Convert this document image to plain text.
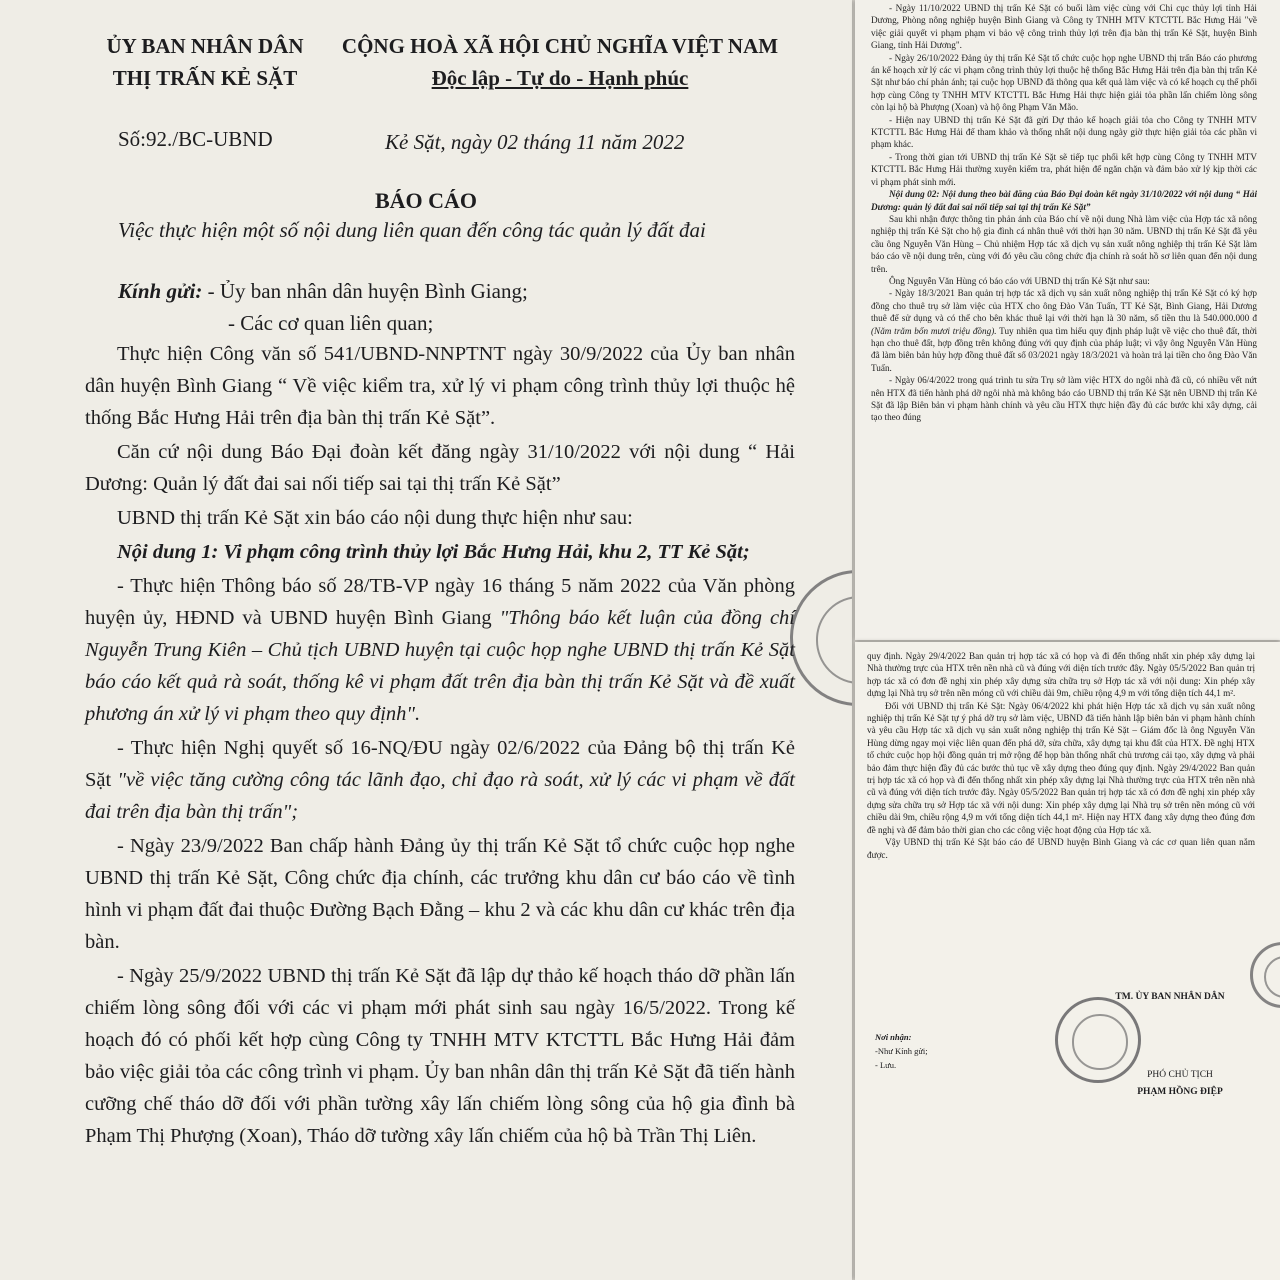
ỦY BAN NHÂN DÂN
THỊ TRẤN KẺ SẶT
CỘNG HOÀ XÃ HỘI CHỦ NGHĨA VIỆT NAM
Độc lập - Tự do - Hạnh phúc
Số:92./BC-UBND	Kẻ Sặt, ngày 02 tháng 11 năm 2022
BÁO CÁO
Việc thực hiện một số nội dung liên quan đến công tác quản lý đất đai
Kính gửi: - Ủy ban nhân dân huyện Bình Giang;
- Các cơ quan liên quan;

Thực hiện Công văn số 541/UBND-NNPTNT ngày 30/9/2022 của Ủy ban nhân dân huyện Bình Giang “ Về việc kiểm tra, xử lý vi phạm công trình thủy lợi thuộc hệ thống Bắc Hưng Hải trên địa bàn thị trấn Kẻ Sặt”.

Căn cứ nội dung Báo Đại đoàn kết đăng ngày 31/10/2022 với nội dung “ Hải Dương: Quản lý đất đai sai nối tiếp sai tại thị trấn Kẻ Sặt”

UBND thị trấn Kẻ Sặt xin báo cáo nội dung thực hiện như sau:

Nội dung 1: Vi phạm công trình thủy lợi Bắc Hưng Hải, khu 2, TT Kẻ Sặt;

- Thực hiện Thông báo số 28/TB-VP ngày 16 tháng 5 năm 2022 của Văn phòng huyện ủy, HĐND và UBND huyện Bình Giang "Thông báo kết luận của đồng chí Nguyễn Trung Kiên – Chủ tịch UBND huyện tại cuộc họp nghe UBND thị trấn Kẻ Sặt báo cáo kết quả rà soát, thống kê vi phạm đất trên địa bàn thị trấn Kẻ Sặt và đề xuất phương án xử lý vi phạm theo quy định".

- Thực hiện Nghị quyết số 16-NQ/ĐU ngày 02/6/2022 của Đảng bộ thị trấn Kẻ Sặt "về việc tăng cường công tác lãnh đạo, chỉ đạo rà soát, xử lý các vi phạm về đất đai trên địa bàn thị trấn";

- Ngày 23/9/2022 Ban chấp hành Đảng ủy thị trấn Kẻ Sặt tổ chức cuộc họp nghe UBND thị trấn Kẻ Sặt, Công chức địa chính, các trưởng khu dân cư báo cáo về tình hình vi phạm đất đai thuộc Đường Bạch Đằng – khu 2 và các khu dân cư khác trên địa bàn.

- Ngày 25/9/2022 UBND thị trấn Kẻ Sặt đã lập dự thảo kế hoạch tháo dỡ phần lấn chiếm lòng sông đối với các vi phạm mới phát sinh sau ngày 16/5/2022. Trong kế hoạch đó có phối kết hợp cùng Công ty TNHH MTV KTCTTL Bắc Hưng Hải đảm bảo việc giải tỏa các công trình vi phạm. Ủy ban nhân dân thị trấn Kẻ Sặt đã tiến hành cưỡng chế tháo dỡ đối với phần tường xây lấn chiếm lòng sông của hộ gia đình bà Phạm Thị Phượng (Xoan), Tháo dỡ tường xây lấn chiếm của hộ bà Trần Thị Liên.

- Ngày 11/10/2022 UBND thị trấn Kẻ Sặt có buổi làm việc cùng với Chi cục thủy lợi tỉnh Hải Dương, Phòng nông nghiệp huyện Bình Giang và Công ty TNHH MTV KTCTTL Bắc Hưng Hải "về việc giải quyết vi phạm phạm vi bảo vệ công trình thủy lợi trên địa bàn thị trấn Kẻ Sặt, huyện Bình Giang, tỉnh Hải Dương".

- Ngày 26/10/2022 Đảng ủy thị trấn Kẻ Sặt tổ chức cuộc họp nghe UBND thị trấn Báo cáo phương án kế hoạch xử lý các vi phạm công trình thủy lợi thuộc hệ thống Bắc Hưng Hải trên địa bàn thị trấn Kẻ Sặt như báo chí phản ánh; tại cuộc họp UBND đã thông qua kết quả làm việc và có kế hoạch cụ thể phối hợp cùng Công ty TNHH MTV KTCTTL Bắc Hưng Hải thực hiện giải tỏa phần lấn chiếm lòng sông còn lại hộ bà Phượng (Xoan) và hộ ông Phạm Văn Mão.

- Hiện nay UBND thị trấn Kẻ Sặt đã gửi Dự thảo kế hoạch giải tỏa cho Công ty TNHH MTV KTCTTL Bắc Hưng Hải để tham khảo và thống nhất nội dung ngày giờ thực hiện giải tỏa các phần vi phạm khác.

- Trong thời gian tới UBND thị trấn Kẻ Sặt sẽ tiếp tục phối kết hợp cùng Công ty TNHH MTV KTCTTL Bắc Hưng Hải thường xuyên kiểm tra, phát hiện để ngăn chặn và đảm bảo xử lý kịp thời các vi phạm phát sinh mới.

Nội dung 02: Nội dung theo bài đăng của Báo Đại đoàn kết ngày 31/10/2022 với nội dung “ Hải Dương: quản lý đất đai sai nối tiếp sai tại thị trấn Kẻ Sặt”

Sau khi nhận được thông tin phản ánh của Báo chí về nội dung Nhà làm việc của Hợp tác xã nông nghiệp thị trấn Kẻ Sặt cho hộ gia đình cá nhân thuê với thời hạn 30 năm. UBND thị trấn Kẻ Sặt đã yêu cầu ông Nguyễn Văn Hùng – Chủ nhiệm Hợp tác xã dịch vụ sản xuất nông nghiệp thị trấn Kẻ Sặt làm báo cáo về nội dung trên, cùng với đó yêu cầu công chức địa chính rà soát hồ sơ liên quan đến nội dung trên.

Ông Nguyễn Văn Hùng có báo cáo với UBND thị trấn Kẻ Sặt như sau:

- Ngày 18/3/2021 Ban quản trị hợp tác xã dịch vụ sản xuất nông nghiệp thị trấn Kẻ Sặt có ký hợp đồng cho thuê trụ sở làm việc của HTX cho ông Đào Văn Tuấn, TT Kẻ Sặt, Bình Giang, Hải Dương thuê để sử dụng và có thể cho bên khác thuê lại với thời hạn là 30 năm, số tiền thu là 540.000.000 đ (Năm trăm bốn mươi triệu đồng). Tuy nhiên qua tìm hiểu quy định pháp luật về việc cho thuê đất, thời hạn cho thuê đất, hợp đồng trên không đúng với quy định của pháp luật; vì vậy ông Nguyễn Văn Hùng đã làm biên bản hủy hợp đồng thuê đất số 03/2021 ngày 18/3/2021 và hoàn trả lại tiền cho ông Đào Văn Tuấn.

- Ngày 06/4/2022 trong quá trình tu sửa Trụ sở làm việc HTX do ngôi nhà đã cũ, có nhiều vết nứt nên HTX đã tiến hành phá dỡ ngôi nhà mà không báo cáo UBND thị trấn Kẻ Sặt nên UBND thị trấn Kẻ Sặt đã lập Biên bản vi phạm hành chính và yêu cầu HTX thực hiện đầy đủ các bước khi xây dựng, cải tạo theo đúng

quy định. Ngày 29/4/2022 Ban quản trị hợp tác xã có họp và đi đến thống nhất xin phép xây dựng lại Nhà thường trực của HTX trên nền nhà cũ và đúng với diện tích trước đây. Ngày 05/5/2022 Ban quản trị hợp tác xã có đơn đề nghị xin phép xây dựng sửa chữa trụ sở Hợp tác xã với nội dung: Xin phép xây dựng lại Nhà trụ sở trên nền móng cũ với chiều dài 9m, chiều rộng 4,9 m với tổng diện tích 44,1 m².

Đối với UBND thị trấn Kẻ Sặt: Ngày 06/4/2022 khi phát hiện Hợp tác xã dịch vụ sản xuất nông nghiệp thị trấn Kẻ Sặt tự ý phá dỡ trụ sở làm việc, UBND đã tiến hành lập biên bản vi phạm hành chính và yêu cầu Hợp tác xã dịch vụ sản xuất nông nghiệp thị trấn Kẻ Sặt – Giám đốc là ông Nguyễn Văn Hùng dừng ngay mọi việc liên quan đến phá dỡ, sửa chữa, xây dựng tại khu đất của HTX. Đề nghị HTX tổ chức cuộc họp hội đồng quản trị mở rộng để họp bàn thống nhất chủ trương cải tạo, xây dựng và phải bảo đảm thực hiện đầy đủ các bước thủ tục về xây dựng theo đúng quy định. Ngày 29/4/2022 Ban quản trị hợp tác xã có họp và đi đến thống nhất xin phép xây dựng lại Nhà thường trực của HTX trên nền nhà cũ và đúng với diện tích trước đây. Ngày 05/5/2022 Ban quản trị hợp tác xã có đơn đề nghị xin phép xây dựng sửa chữa trụ sở Hợp tác xã với nội dung: Xin phép xây dựng lại Nhà trụ sở trên nền móng cũ với chiều dài 9m, chiều rộng 4,9 m với tổng diện tích 44,1 m². Hiện nay HTX đang xây dựng theo đúng đơn đề nghị và để đảm bảo thời gian cho các công việc hoạt động của Hợp tác xã.

Vậy UBND thị trấn Kẻ Sặt báo cáo để UBND huyện Bình Giang và các cơ quan liên quan nắm được.

Nơi nhận:
-Như Kính gửi;
- Lưu.
TM. ỦY BAN NHÂN DÂN
PHÓ CHỦ TỊCH
PHẠM HỒNG ĐIỆP
